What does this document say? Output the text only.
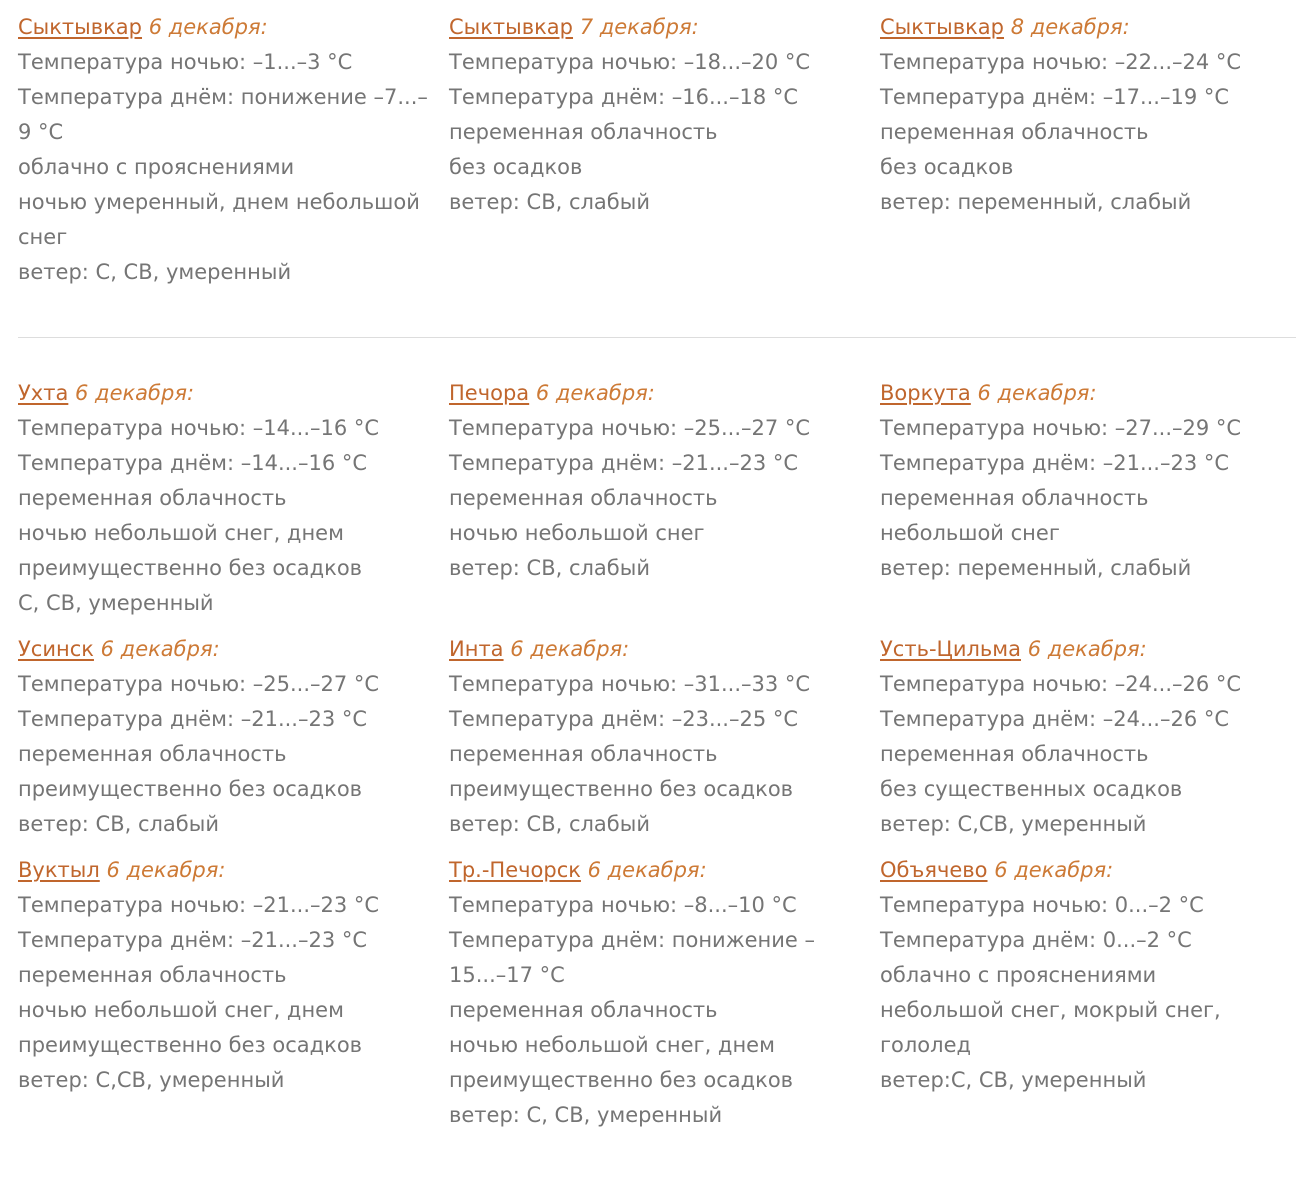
Сыктывкар 6 декабря:
Температура ночью: –1...–3 °C
Температура днём: понижение –7...–9 °C
облачно с прояснениями
ночью умеренный, днем небольшой снег
ветер: С, СВ, умеренный

Сыктывкар 7 декабря:
Температура ночью: –18...–20 °C
Температура днём: –16...–18 °C
переменная облачность
без осадков
ветер: СВ, слабый

Сыктывкар 8 декабря:
Температура ночью: –22...–24 °C
Температура днём: –17...–19 °C
переменная облачность
без осадков
ветер: переменный, слабый

Ухта 6 декабря:
Температура ночью: –14...–16 °C
Температура днём: –14...–16 °C
переменная облачность
ночью небольшой снег, днем преимущественно без осадков
С, СВ, умеренный

Печора 6 декабря:
Температура ночью: –25...–27 °C
Температура днём: –21...–23 °C
переменная облачность
ночью небольшой снег
ветер: СВ, слабый

Воркута 6 декабря:
Температура ночью: –27...–29 °C
Температура днём: –21...–23 °C
переменная облачность
небольшой снег
ветер: переменный, слабый

Усинск 6 декабря:
Температура ночью: –25...–27 °C
Температура днём: –21...–23 °C
переменная облачность
преимущественно без осадков
ветер: СВ, слабый

Инта 6 декабря:
Температура ночью: –31...–33 °C
Температура днём: –23...–25 °C
переменная облачность
преимущественно без осадков
ветер: СВ, слабый

Усть-Цильма 6 декабря:
Температура ночью: –24...–26 °C
Температура днём: –24...–26 °C
переменная облачность
без существенных осадков
ветер: С,СВ, умеренный

Вуктыл 6 декабря:
Температура ночью: –21...–23 °C
Температура днём: –21...–23 °C
переменная облачность
ночью небольшой снег, днем преимущественно без осадков
ветер: С,СВ, умеренный

Тр.-Печорск 6 декабря:
Температура ночью: –8...–10 °C
Температура днём: понижение –15...–17 °C
переменная облачность
ночью небольшой снег, днем преимущественно без осадков
ветер: С, СВ, умеренный

Объячево 6 декабря:
Температура ночью: 0...–2 °C
Температура днём: 0...–2 °C
облачно с прояснениями
небольшой снег, мокрый снег, гололед
ветер:С, СВ, умеренный
